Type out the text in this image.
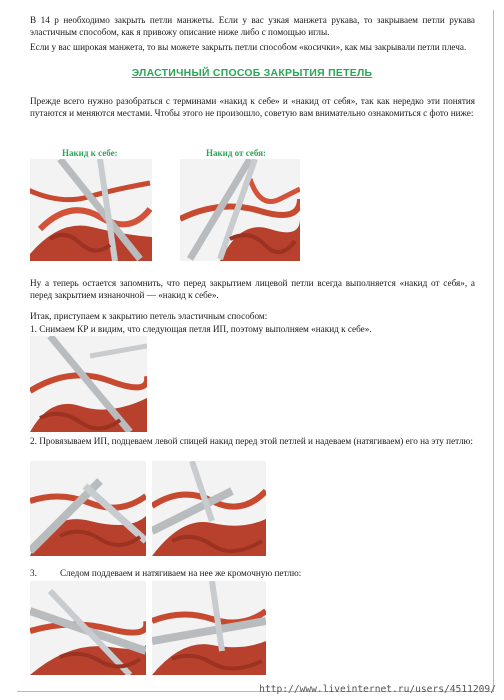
В 14 р необходимо закрыть петли манжеты. Если у вас узкая манжета рукава, то закрываем петли рукава эластичным способом, как я привожу описание ниже либо с помощью иглы.

Если у вас широкая манжета, то вы можете закрыть петли способом «косички», как мы закрывали петли плеча.

ЭЛАСТИЧНЫЙ СПОСОБ ЗАКРЫТИЯ ПЕТЕЛЬ

Прежде всего нужно разобраться с терминами «накид к себе» и «накид от себя», так как нередко эти понятия путаются и меняются местами. Чтобы этого не произошло, советую вам внимательно ознакомиться с фото ниже:

Накид к себе:	Накид от себя:

Ну а теперь остается запомнить, что перед закрытием лицевой петли всегда выполняется «накид от себя», а перед закрытием изнаночной — «накид к себе».

Итак, приступаем к закрытию петель эластичным способом:

1. Снимаем КР и видим, что следующая петля ИП, поэтому выполняем «накид к себе».

2. Провязываем ИП, подцеваем левой спицей накид перед этой петлей и надеваем (натягиваем) его на эту петлю:

3.	Следом поддеваем и натягиваем на нее же кромочную петлю:
http://www.liveinternet.ru/users/4511209/
